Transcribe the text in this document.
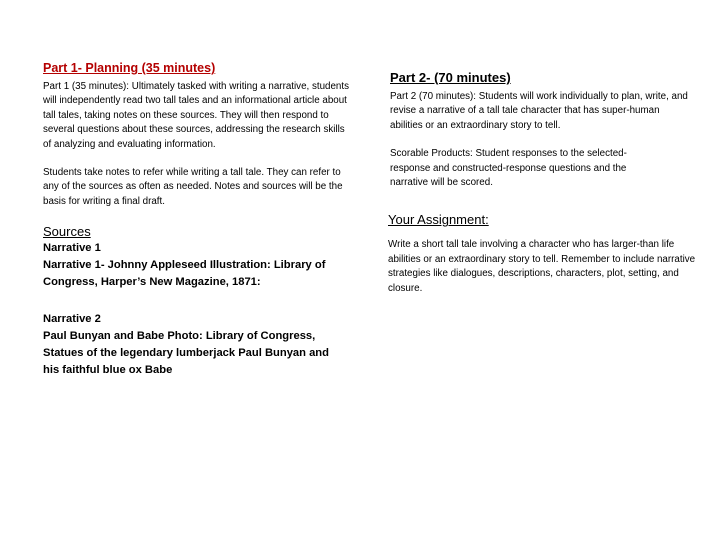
Part 1- Planning (35 minutes)

Part 1 (35 minutes): Ultimately tasked with writing a narrative, students will independently read two tall tales and an informational article about tall tales, taking notes on these sources. They will then respond to several questions about these sources, addressing the research skills of analyzing and evaluating information.

Students take notes to refer while writing a tall tale. They can refer to any of the sources as often as needed. Notes and sources will be the basis for writing a final draft.

Sources
Narrative 1
Narrative 1- Johnny Appleseed Illustration: Library of Congress, Harper’s New Magazine, 1871:
Narrative 2
Paul Bunyan and Babe Photo: Library of Congress, Statues of the legendary lumberjack Paul Bunyan and his faithful blue ox Babe
Part 2- (70 minutes)

Part 2 (70 minutes): Students will work individually to plan, write, and revise a narrative of a tall tale character that has super-human abilities or an extraordinary story to tell.

Scorable Products: Student responses to the selected-response and constructed-response questions and the narrative will be scored.

Your Assignment:

Write a short tall tale involving a character who has larger-than life abilities or an extraordinary story to tell. Remember to include narrative strategies like dialogues, descriptions, characters, plot, setting, and closure.
